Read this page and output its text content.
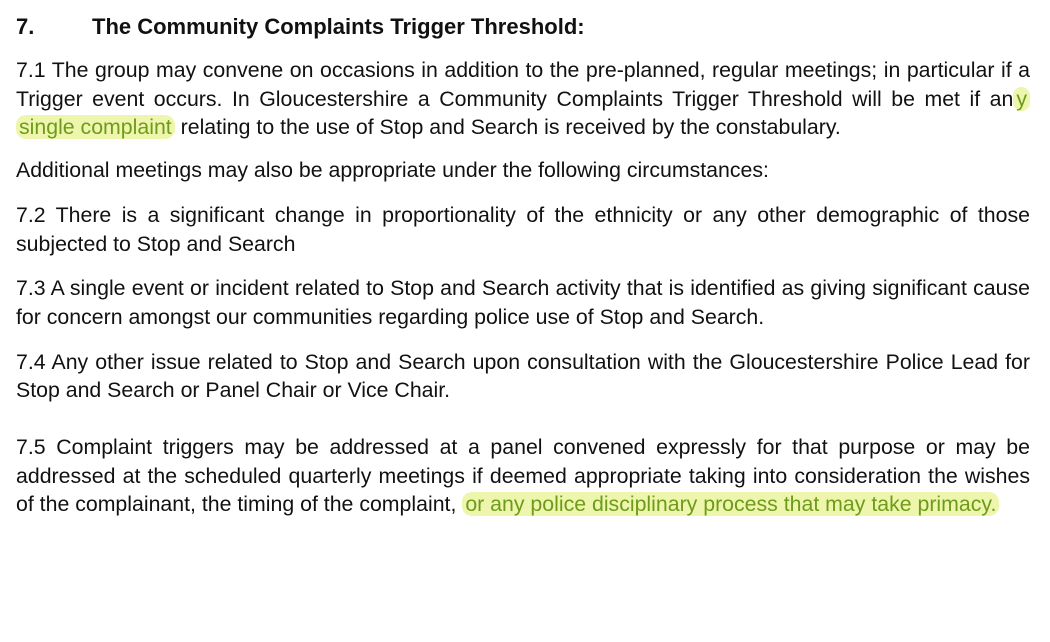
7.	The Community Complaints Trigger Threshold:

7.1 The group may convene on occasions in addition to the pre-planned, regular meetings; in particular if a Trigger event occurs. In Gloucestershire a Community Complaints Trigger Threshold will be met if an y single complaint relating to the use of Stop and Search is received by the constabulary.

Additional meetings may also be appropriate under the following circumstances:

7.2 There is a significant change in proportionality of the ethnicity or any other demographic of those subjected to Stop and Search

7.3 A single event or incident related to Stop and Search activity that is identified as giving significant cause for concern amongst our communities regarding police use of Stop and Search.

7.4 Any other issue related to Stop and Search upon consultation with the Gloucestershire Police Lead for Stop and Search or Panel Chair or Vice Chair.

7.5 Complaint triggers may be addressed at a panel convened expressly for that purpose or may be addressed at the scheduled quarterly meetings if deemed appropriate taking into consideration the wishes of the complainant, the timing of the complaint, or any police disciplinary process that may take primacy.
